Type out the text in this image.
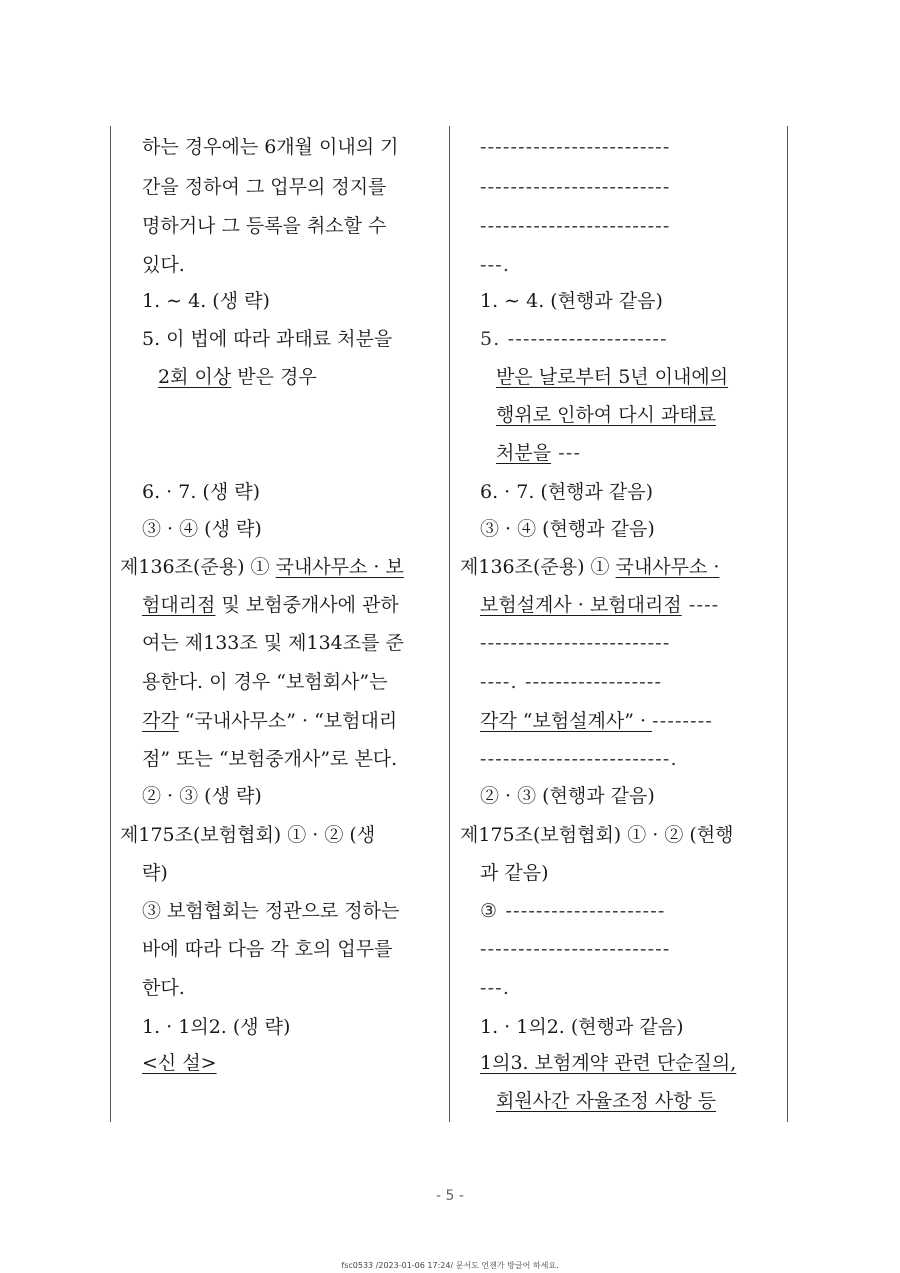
하는 경우에는 6개월 이내의 기
간을 정하여 그 업무의 정지를
명하거나 그 등록을 취소할 수
있다.
1. ∼ 4. (생 략)
5. 이 법에 따라 과태료 처분을
2회 이상 받은 경우
6. · 7. (생 략)
③ · ④ (생 략)
제136조(준용) ① 국내사무소 · 보
험대리점 및 보험중개사에 관하
여는 제133조 및 제134조를 준
용한다. 이 경우 “보험회사”는
각각 “국내사무소” · “보험대리
점” 또는 “보험중개사”로 본다.
② · ③ (생 략)
제175조(보험협회) ① · ② (생
략)
③ 보험협회는 정관으로 정하는
바에 따라 다음 각 호의 업무를
한다.
1. · 1의2. (생 략)
<신 설>
-------------------------
-------------------------
-------------------------
---.
1. ∼ 4. (현행과 같음)
5. ---------------------
받은 날로부터 5년 이내에의
행위로 인하여 다시 과태료
처분을 ---
6. · 7. (현행과 같음)
③ · ④ (현행과 같음)
제136조(준용) ① 국내사무소 ·
보험설계사 · 보험대리점 ----
-------------------------
----. ------------------
각각 “보험설계사” · --------
-------------------------.
② · ③ (현행과 같음)
제175조(보험협회) ① · ② (현행
과 같음)
③ ---------------------
-------------------------
---.
1. · 1의2. (현행과 같음)
1의3. 보험계약 관련 단순질의,
회원사간 자율조정 사항 등
- 5 -
fsc0533 /2023-01-06 17:24/ 문서도 언젠가 방글어 하세요.
